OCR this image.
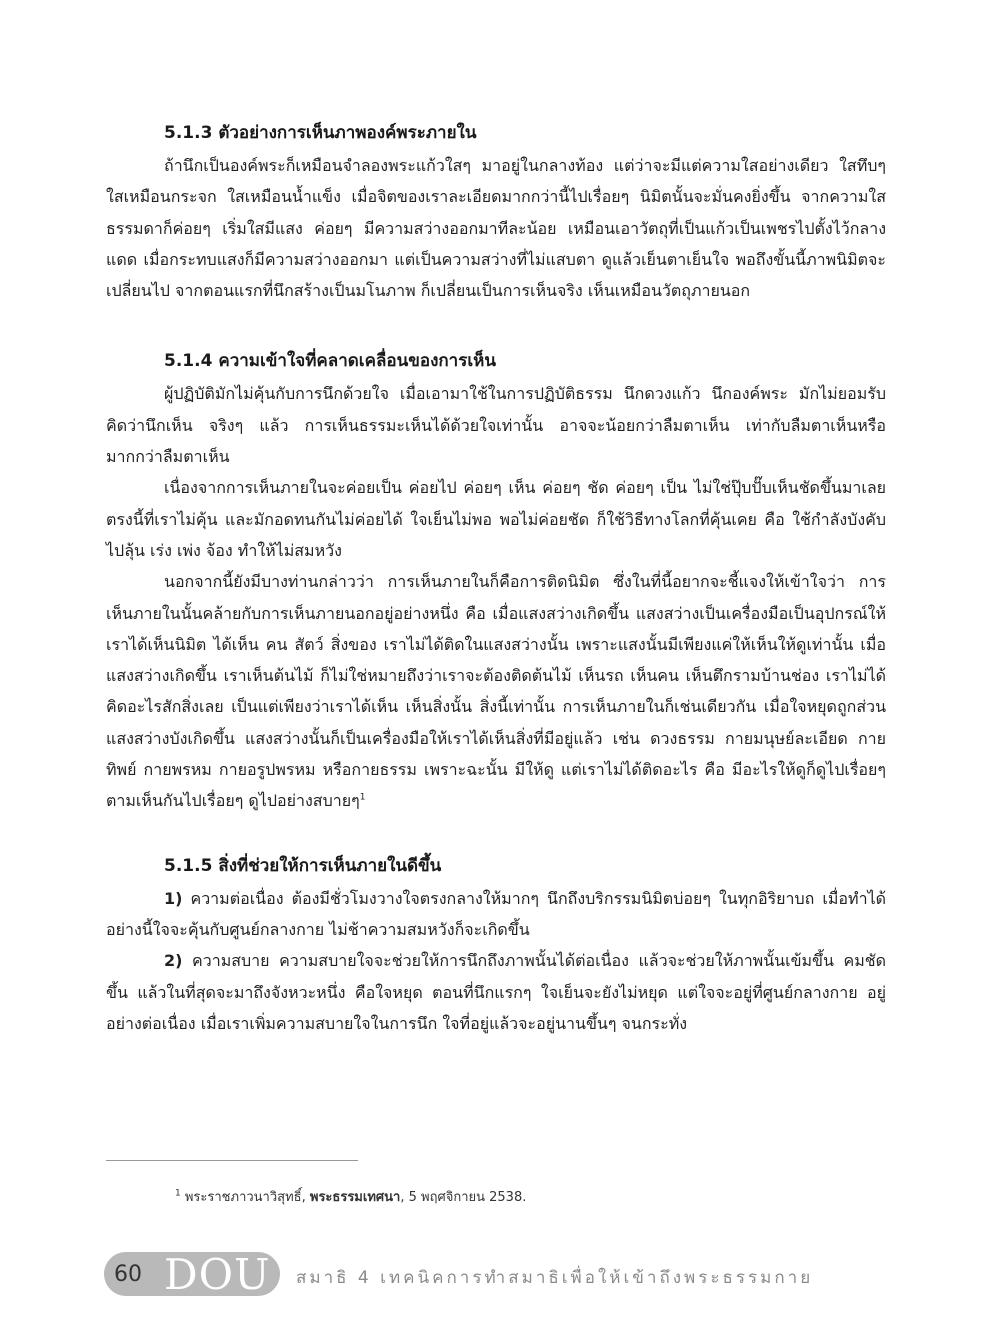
5.1.3 ตัวอย่างการเห็นภาพองค์พระภายใน

ถ้านึกเป็นองค์พระก็เหมือนจำลองพระแก้วใสๆ มาอยู่ในกลางท้อง แต่ว่าจะมีแต่ความใสอย่างเดียว ใสทึบๆ ใสเหมือนกระจก ใสเหมือนน้ำแข็ง เมื่อจิตของเราละเอียดมากกว่านี้ไปเรื่อยๆ นิมิตนั้นจะมั่นคงยิ่งขึ้น จากความใสธรรมดาก็ค่อยๆ เริ่มใสมีแสง ค่อยๆ มีความสว่างออกมาทีละน้อย เหมือนเอาวัตถุที่เป็นแก้วเป็นเพชรไปตั้งไว้กลางแดด เมื่อกระทบแสงก็มีความสว่างออกมา แต่เป็นความสว่างที่ไม่แสบตา ดูแล้วเย็นตาเย็นใจ พอถึงขั้นนี้ภาพนิมิตจะเปลี่ยนไป จากตอนแรกที่นึกสร้างเป็นมโนภาพ ก็เปลี่ยนเป็นการเห็นจริง เห็นเหมือนวัตถุภายนอก

5.1.4 ความเข้าใจที่คลาดเคลื่อนของการเห็น

ผู้ปฏิบัติมักไม่คุ้นกับการนึกด้วยใจ เมื่อเอามาใช้ในการปฏิบัติธรรม นึกดวงแก้ว นึกองค์พระ มักไม่ยอมรับ คิดว่านึกเห็น จริงๆ แล้ว การเห็นธรรมะเห็นได้ด้วยใจเท่านั้น อาจจะน้อยกว่าลืมตาเห็น เท่ากับลืมตาเห็นหรือมากกว่าลืมตาเห็น

เนื่องจากการเห็นภายในจะค่อยเป็น ค่อยไป ค่อยๆ เห็น ค่อยๆ ชัด ค่อยๆ เป็น ไม่ใช่ปุ๊บปั๊บเห็นชัดขึ้นมาเลย ตรงนี้ที่เราไม่คุ้น และมักอดทนกันไม่ค่อยได้ ใจเย็นไม่พอ พอไม่ค่อยชัด ก็ใช้วิธีทางโลกที่คุ้นเคย คือ ใช้กำลังบังคับ ไปลุ้น เร่ง เพ่ง จ้อง ทำให้ไม่สมหวัง

นอกจากนี้ยังมีบางท่านกล่าวว่า การเห็นภายในก็คือการติดนิมิต ซึ่งในที่นี้อยากจะชี้แจงให้เข้าใจว่า การเห็นภายในนั้นคล้ายกับการเห็นภายนอกอยู่อย่างหนึ่ง คือ เมื่อแสงสว่างเกิดขึ้น แสงสว่างเป็นเครื่องมือเป็นอุปกรณ์ให้เราได้เห็นนิมิต ได้เห็น คน สัตว์ สิ่งของ เราไม่ได้ติดในแสงสว่างนั้น เพราะแสงนั้นมีเพียงแค่ให้เห็นให้ดูเท่านั้น เมื่อแสงสว่างเกิดขึ้น เราเห็นต้นไม้ ก็ไม่ใช่หมายถึงว่าเราจะต้องติดต้นไม้ เห็นรถ เห็นคน เห็นตึกรามบ้านช่อง เราไม่ได้คิดอะไรสักสิ่งเลย เป็นแต่เพียงว่าเราได้เห็น เห็นสิ่งนั้น สิ่งนี้เท่านั้น การเห็นภายในก็เช่นเดียวกัน เมื่อใจหยุดถูกส่วน แสงสว่างบังเกิดขึ้น แสงสว่างนั้นก็เป็นเครื่องมือให้เราได้เห็นสิ่งที่มีอยู่แล้ว เช่น ดวงธรรม กายมนุษย์ละเอียด กายทิพย์ กายพรหม กายอรูปพรหม หรือกายธรรม เพราะฉะนั้น มีให้ดู แต่เราไม่ได้ติดอะไร คือ มีอะไรให้ดูก็ดูไปเรื่อยๆ ตามเห็นกันไปเรื่อยๆ ดูไปอย่างสบายๆ$^1$

5.1.5 สิ่งที่ช่วยให้การเห็นภายในดีขึ้น

1) ความต่อเนื่อง ต้องมีชั่วโมงวางใจตรงกลางให้มากๆ นึกถึงบริกรรมนิมิตบ่อยๆ ในทุกอิริยาบถ เมื่อทำได้อย่างนี้ใจจะคุ้นกับศูนย์กลางกาย ไม่ช้าความสมหวังก็จะเกิดขึ้น

2) ความสบาย ความสบายใจจะช่วยให้การนึกถึงภาพนั้นได้ต่อเนื่อง แล้วจะช่วยให้ภาพนั้นเข้มขึ้น คมชัดขึ้น แล้วในที่สุดจะมาถึงจังหวะหนึ่ง คือใจหยุด ตอนที่นึกแรกๆ ใจเย็นจะยังไม่หยุด แต่ใจจะอยู่ที่ศูนย์กลางกาย อยู่อย่างต่อเนื่อง เมื่อเราเพิ่มความสบายใจในการนึก ใจที่อยู่แล้วจะอยู่นานขึ้นๆ จนกระทั่ง

$^1$ พระราชภาวนาวิสุทธิ์, พระธรรมเทศนา, 5 พฤศจิกายน 2538.
60 DOU สมาธิ 4 เทคนิคการทำสมาธิเพื่อให้เข้าถึงพระธรรมกาย
